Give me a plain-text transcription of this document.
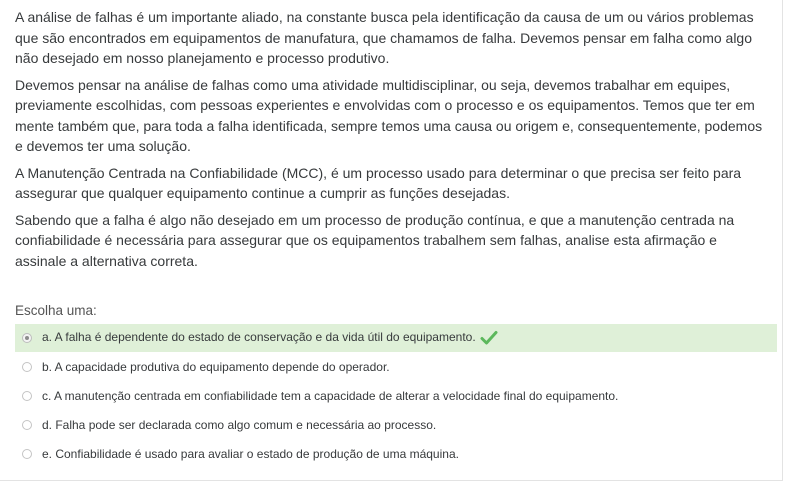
A análise de falhas é um importante aliado, na constante busca pela identificação da causa de um ou vários problemas que são encontrados em equipamentos de manufatura, que chamamos de falha. Devemos pensar em falha como algo não desejado em nosso planejamento e processo produtivo.

Devemos pensar na análise de falhas como uma atividade multidisciplinar, ou seja, devemos trabalhar em equipes, previamente escolhidas, com pessoas experientes e envolvidas com o processo e os equipamentos. Temos que ter em mente também que, para toda a falha identificada, sempre temos uma causa ou origem e, consequentemente, podemos e devemos ter uma solução.

A Manutenção Centrada na Confiabilidade (MCC), é um processo usado para determinar o que precisa ser feito para assegurar que qualquer equipamento continue a cumprir as funções desejadas.

Sabendo que a falha é algo não desejado em um processo de produção contínua, e que a manutenção centrada na confiabilidade é necessária para assegurar que os equipamentos trabalhem sem falhas, analise esta afirmação e assinale a alternativa correta.

Escolha uma:
a. A falha é dependente do estado de conservação e da vida útil do equipamento.
b. A capacidade produtiva do equipamento depende do operador.
c. A manutenção centrada em confiabilidade tem a capacidade de alterar a velocidade final do equipamento.
d. Falha pode ser declarada como algo comum e necessária ao processo.
e. Confiabilidade é usado para avaliar o estado de produção de uma máquina.
